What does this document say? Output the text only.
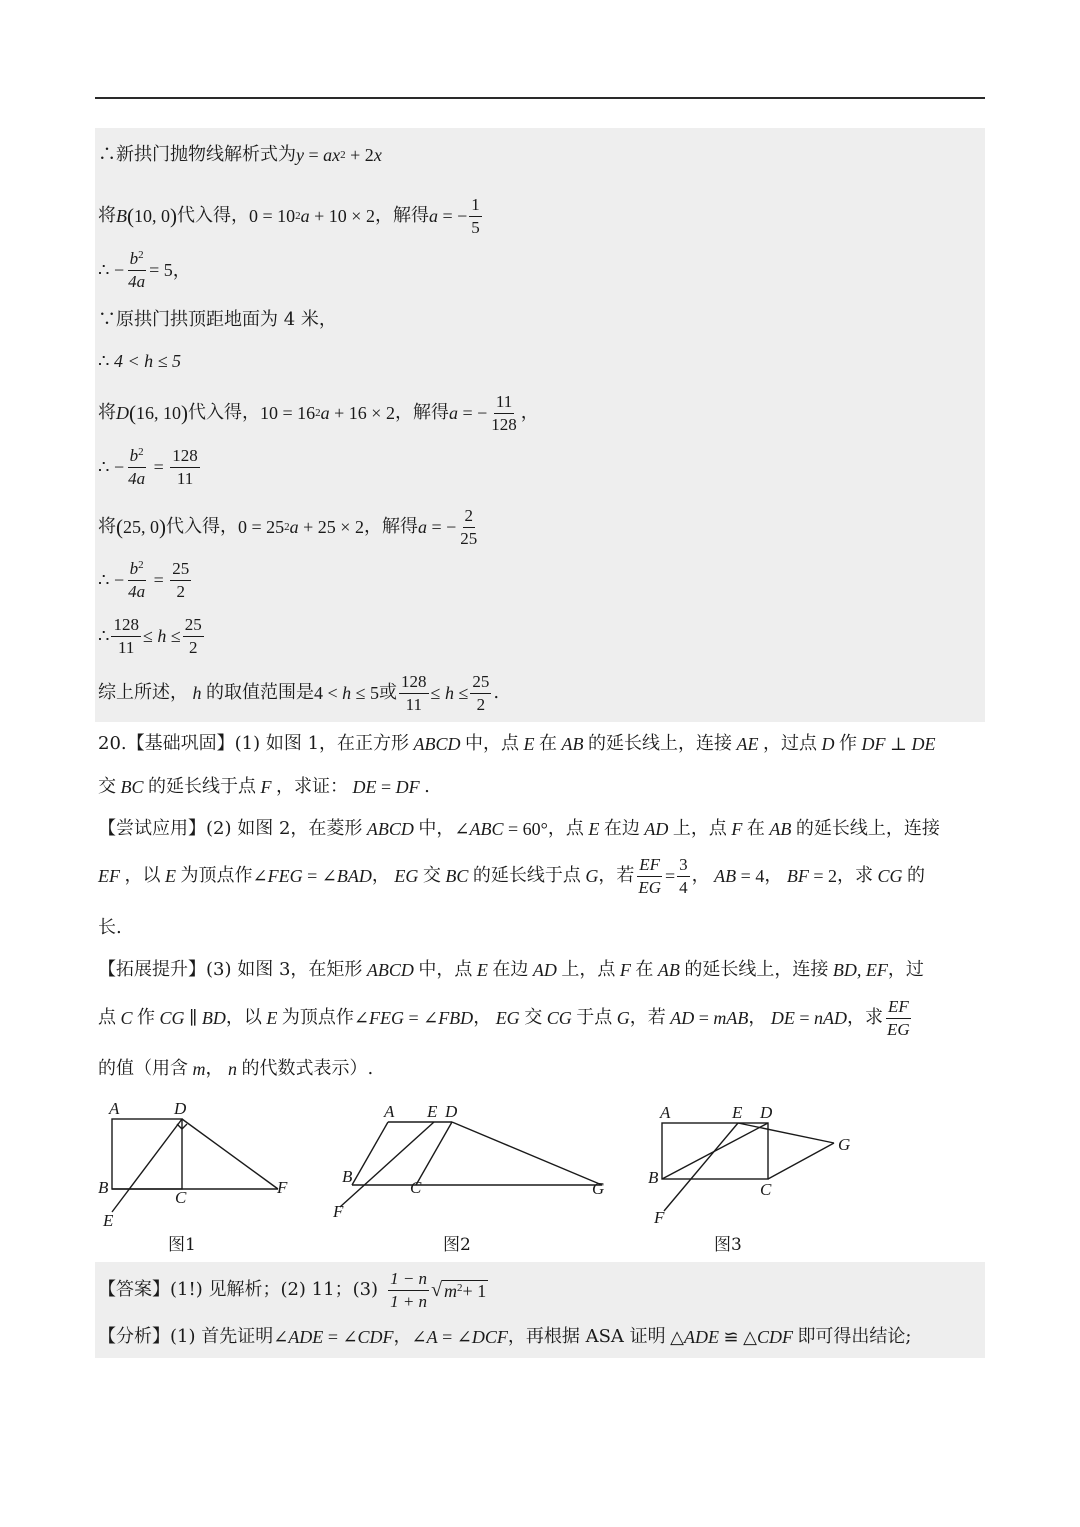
∴新拱门抛物线解析式为 y = ax 2 + 2 x
将 B ( 10, 0 ) 代入得， 0 = 10 2 a + 10 × 2 ，解得 a = − $\frac{1}{5}$
∴ − $\frac{b^2}{4a} = 5$，
∵原拱门拱顶距地面为 4 米，
∴ 4 < h ≤ 5
将 D ( 16, 10 ) 代入得， 10 = 16 2 a + 16 × 2 ，解得 a = − $\frac{11}{128}$ ，
∴ − $\frac{b^2}{4a} = \frac{128}{11}$
将 ( 25, 0 ) 代入得， 0 = 25 2 a + 25 × 2 ，解得 a = − $\frac{2}{25}$
∴ − $\frac{b^2}{4a} = \frac{25}{2}$
∴ $\frac{128}{11} \le h \le \frac{25}{2}$
综上所述， h 的取值范围是 4 < h ≤ 5 或 $\frac{128}{11} \le h \le \frac{25}{2}$ .
20.【基础巩固】(1) 如图 1，在正方形 ABCD 中，点 E 在 AB 的延长线上，连接 AE ，过点 D 作 DF ⊥ DE
交 BC 的延长线于点 F ，求证： DE = DF .
【尝试应用】(2) 如图 2，在菱形 ABCD 中， ∠ ABC = 60° ，点 E 在边 AD 上，点 F 在 AB 的延长线上，连接
EF ，以 E 为顶点作 ∠ FEG = ∠ BAD ， EG 交 BC 的延长线于点 G ，若 $\frac{EF}{EG} = \frac{3}{4}$ ， AB = 4 ， BF = 2 ，求 CG 的
长.
【拓展提升】(3) 如图 3，在矩形 ABCD 中，点 E 在边 AD 上，点 F 在 AB 的延长线上，连接 BD, EF ，过
点 C 作 CG ∥ BD ，以 E 为顶点作 ∠ FEG = ∠ FBD ， EG 交 CG 于点 G ，若 AD = mAB ， DE = nAD ，求 $\frac{EF}{EG}$
的值（用含 m ， n 的代数式表示）.
A	D
B
C
F
E
图1
A E D
B
C	G
F
图2
A	E D
B
C
G
F
图3
【答案】(1!) 见解析；(2) 11；$(3) \frac{1 - n}{1 + n}$ √ $m^2+ 1$
【分析】(1) 首先证明 ∠ ADE = ∠ CDF ， ∠ A = ∠ DCF ，再根据 ASA 证明 △ ADE ≌ △ CDF 即可得出结论;
